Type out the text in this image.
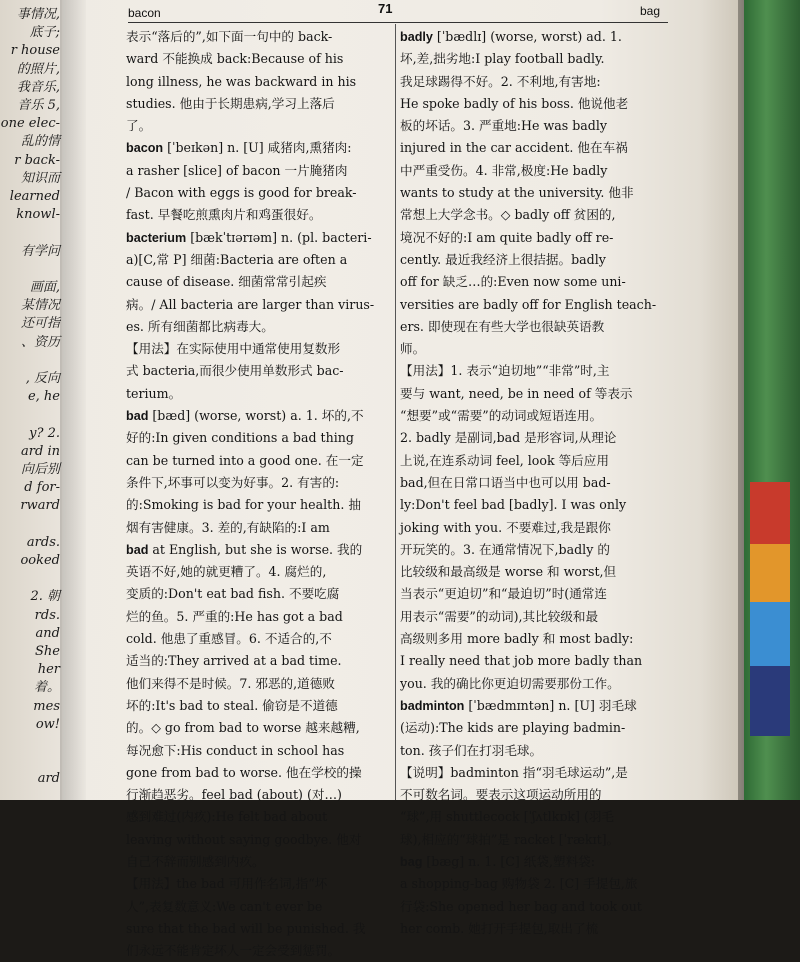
事情况,
底子;
r house
的照片,
我音乐,
音乐 5,
one elec-
乱的情
r back-
知识而
learned
knowl-
有学问
画面,
某情况
还可指
、资历
, 反向
e, he
y? 2.
ard in
向后别
d for-
rward
ards.
ooked
2. 朝
rds.
and
She
her
着。
mes
ow!
ard
bacon	71	bag
表示“落后的”,如下面一句中的 back-
ward 不能换成 back:Because of his
long illness, he was backward in his
studies. 他由于长期患病,学习上落后
了。
bacon [ˈbeɪkən] n. [U] 咸猪肉,熏猪肉:
a rasher [slice] of bacon 一片腌猪肉
/ Bacon with eggs is good for break-
fast. 早餐吃煎熏肉片和鸡蛋很好。
bacterium [bækˈtɪərɪəm] n. (pl. bacteri-
a)[C,常 P] 细菌:Bacteria are often a
cause of disease. 细菌常常引起疾
病。/ All bacteria are larger than virus-
es. 所有细菌都比病毒大。
【用法】在实际使用中通常使用复数形
式 bacteria,而很少使用单数形式 bac-
terium。
bad [bæd] (worse, worst) a. 1. 坏的,不
好的:In given conditions a bad thing
can be turned into a good one. 在一定
条件下,坏事可以变为好事。2. 有害的:
的:Smoking is bad for your health. 抽
烟有害健康。3. 差的,有缺陷的:I am
bad at English, but she is worse. 我的
英语不好,她的就更糟了。4. 腐烂的,
变质的:Don't eat bad fish. 不要吃腐
烂的鱼。5. 严重的:He has got a bad
cold. 他患了重感冒。6. 不适合的,不
适当的:They arrived at a bad time.
他们来得不是时候。7. 邪恶的,道德败
坏的:It's bad to steal. 偷窃是不道德
的。◇ go from bad to worse 越来越糟,
每况愈下:His conduct in school has
gone from bad to worse. 他在学校的操
行渐趋恶劣。feel bad (about) (对…)
感到难过(内疚):He felt bad about
leaving without saying goodbye. 他对
自己不辞而别感到内疚。
【用法】the bad 可用作名词,指“坏
人”,表复数意义:We can't ever be
sure that the bad will be punished. 我
们永远不能肯定坏人一定会受到惩罚。
badly [ˈbædlɪ] (worse, worst) ad. 1.
坏,差,拙劣地:I play football badly.
我足球踢得不好。2. 不利地,有害地:
He spoke badly of his boss. 他说他老
板的坏话。3. 严重地:He was badly
injured in the car accident. 他在车祸
中严重受伤。4. 非常,极度:He badly
wants to study at the university. 他非
常想上大学念书。◇ badly off 贫困的,
境况不好的:I am quite badly off re-
cently. 最近我经济上很拮据。badly
off for 缺乏…的:Even now some uni-
versities are badly off for English teach-
ers. 即使现在有些大学也很缺英语教
师。
【用法】1. 表示“迫切地”“非常”时,主
要与 want, need, be in need of 等表示
“想要”或“需要”的动词或短语连用。
2. badly 是副词,bad 是形容词,从理论
上说,在连系动词 feel, look 等后应用
bad,但在日常口语当中也可以用 bad-
ly:Don't feel bad [badly]. I was only
joking with you. 不要难过,我是跟你
开玩笑的。3. 在通常情况下,badly 的
比较级和最高级是 worse 和 worst,但
当表示“更迫切”和“最迫切”时(通常连
用表示“需要”的动词),其比较级和最
高级则多用 more badly 和 most badly:
I really need that job more badly than
you. 我的确比你更迫切需要那份工作。
badminton [ˈbædmɪntən] n. [U] 羽毛球
(运动):The kids are playing badmin-
ton. 孩子们在打羽毛球。
【说明】badminton 指“羽毛球运动”,是
不可数名词。要表示这项运动所用的
“球”,用 shuttlecock [ˈʃʌtlkɒk] (羽毛
球),相应的“球拍”是 racket [ˈrækɪt]。
bag [bæg] n. 1. [C] 纸袋,塑料袋:
a shopping-bag 购物袋 2. [C] 手提包,旅
行袋:She opened her bag and took out
her comb. 她打开手提包,取出了梳
